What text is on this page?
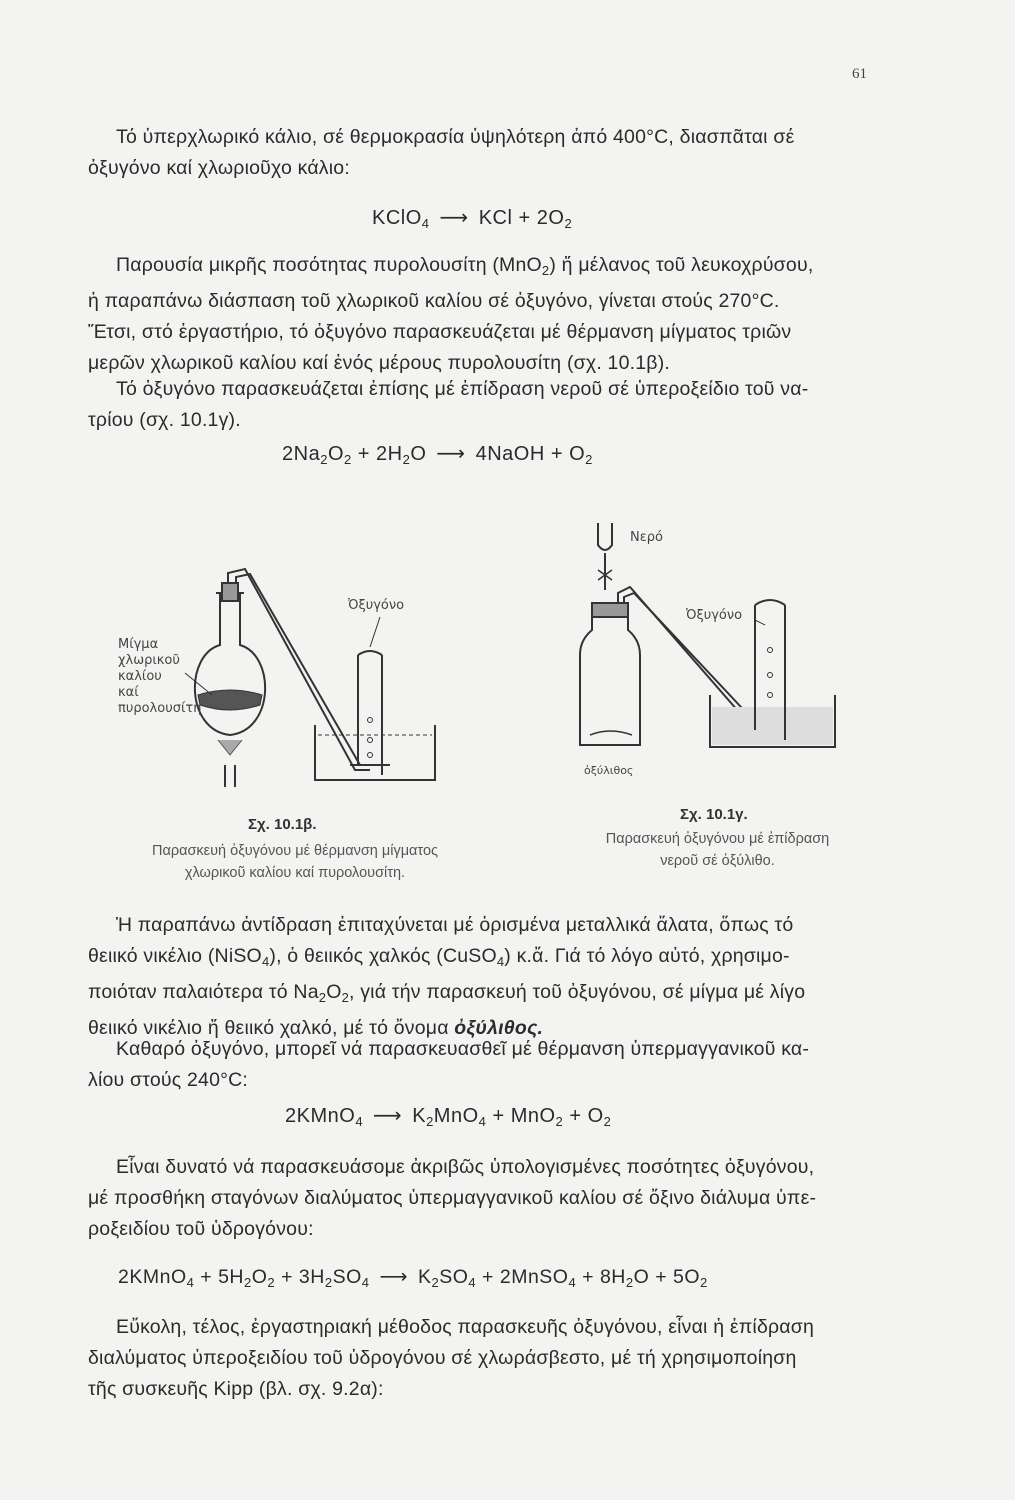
61

Τό ὑπερχλωρικό κάλιο, σέ θερμοκρασία ὑψηλότερη ἀπό 400°C, διασπᾶται σέ

ὀξυγόνο καί χλωριοῦχο κάλιο:

KClO$_4$ ⟶ KCl + $2O_2$

Παρουσία μικρῆς ποσότητας πυρολουσίτη (MnO$_2$) ἤ μέλανος τοῦ λευκοχρύσου,

ἡ παραπάνω διάσπαση τοῦ χλωρικοῦ καλίου σέ ὀξυγόνο, γίνεται στούς 270°C.

Ἔτσι, στό ἐργαστήριο, τό ὀξυγόνο παρασκευάζεται μέ θέρμανση μίγματος τριῶν

μερῶν χλωρικοῦ καλίου καί ἑνός μέρους πυρολουσίτη (σχ. 10.1β).

Τό ὀξυγόνο παρασκευάζεται ἐπίσης μέ ἐπίδραση νεροῦ σέ ὑπεροξείδιο τοῦ να-

τρίου (σχ. 10.1γ).

$2Na_2O_2 + 2H_2O$ ⟶ 4NaOH + $O_2$
Μίγμα
χλωρικοῦ
καλίου
καί
πυρολουσίτη
Ὀξυγόνο
Σχ. 10.1β.
Παρασκευή ὀξυγόνου μέ θέρμανση μίγματος
χλωρικοῦ καλίου καί πυρολουσίτη.
Νερό
Ὀξυγόνο
ὀξύλιθος
Σχ. 10.1γ.
Παρασκευή ὀξυγόνου μέ ἐπίδραση
νεροῦ σέ ὀξύλιθο.

Ἡ παραπάνω ἀντίδραση ἐπιταχύνεται μέ ὁρισμένα μεταλλικά ἅλατα, ὅπως τό

θειικό νικέλιο (NiSO$_4$), ὁ θειικός χαλκός (CuSO$_4$) κ.ἄ. Γιά τό λόγο αὐτό, χρησιμο-

ποιόταν παλαιότερα τό $Na_2O_2$, γιά τήν παρασκευή τοῦ ὀξυγόνου, σέ μίγμα μέ λίγο

θειικό νικέλιο ἤ θειικό χαλκό, μέ τό ὄνομα ὀξύλιθος.

Καθαρό ὀξυγόνο, μπορεῖ νά παρασκευασθεῖ μέ θέρμανση ὑπερμαγγανικοῦ κα-

λίου στούς 240°C:

2KMnO$_4$ ⟶ $K_2MnO_4 + MnO_2 + O_2$

Εἶναι δυνατό νά παρασκευάσομε ἀκριβῶς ὑπολογισμένες ποσότητες ὀξυγόνου,

μέ προσθήκη σταγόνων διαλύματος ὑπερμαγγανικοῦ καλίου σέ ὄξινο διάλυμα ὑπε-

ροξειδίου τοῦ ὑδρογόνου:

2KMnO$_4$ + $5H_2O_2 + 3H_2SO_4$ ⟶ $K_2SO_4$ + 2MnSO$_4$ + $8H_2O + 5O_2$

Εὔκολη, τέλος, ἐργαστηριακή μέθοδος παρασκευῆς ὀξυγόνου, εἶναι ἡ ἐπίδραση

διαλύματος ὑπεροξειδίου τοῦ ὑδρογόνου σέ χλωράσβεστο, μέ τή χρησιμοποίηση

τῆς συσκευῆς Kipp (βλ. σχ. 9.2α):
